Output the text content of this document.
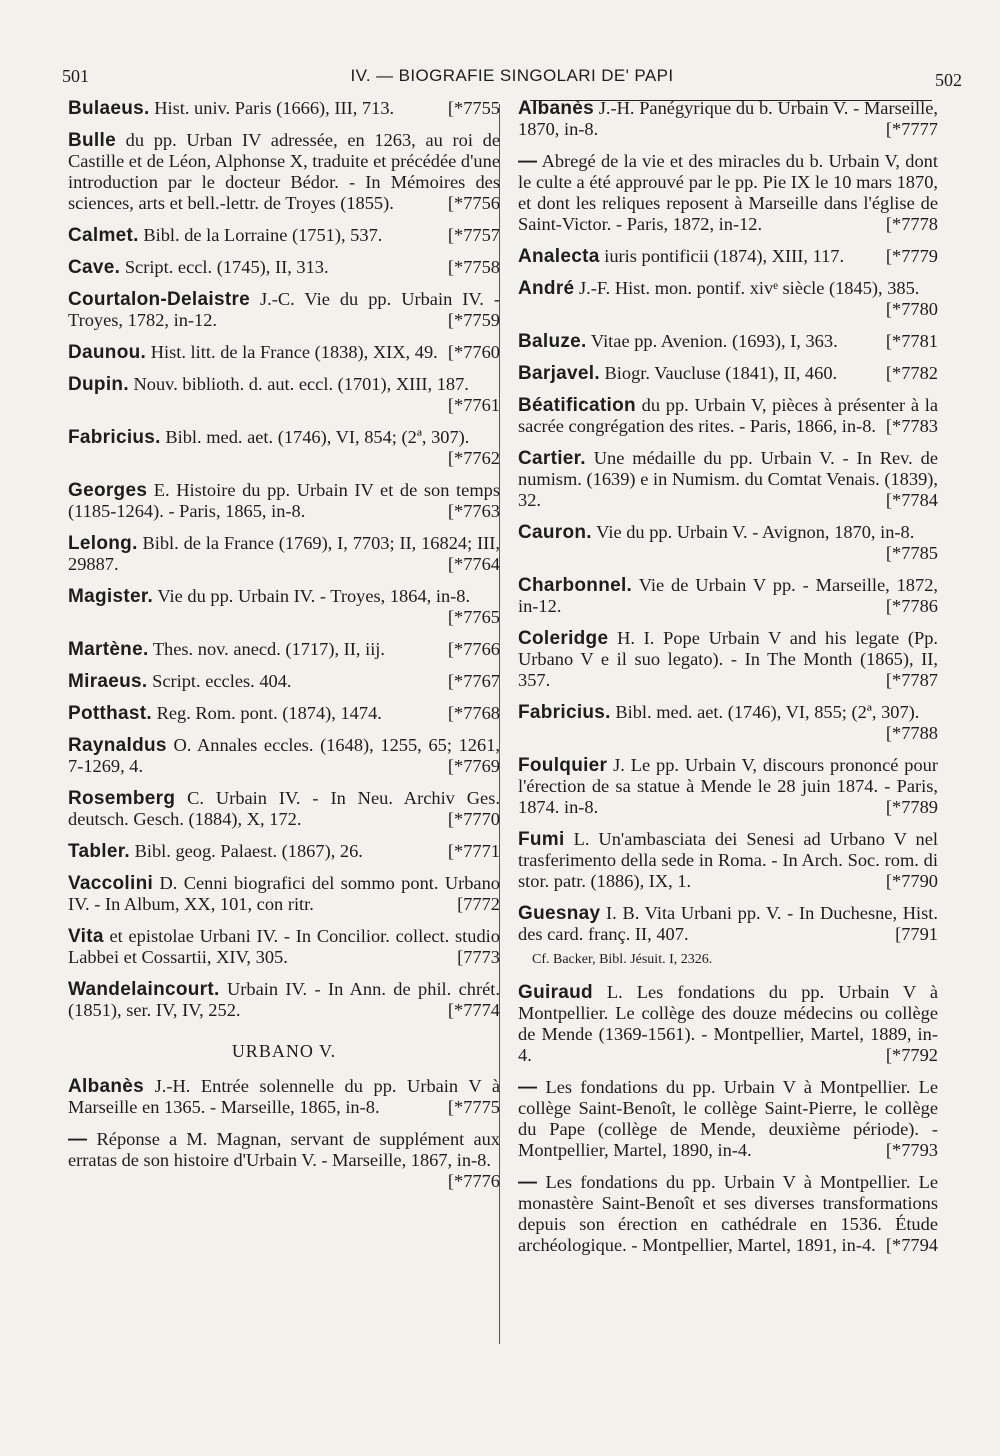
501	IV. — BIOGRAFIE SINGOLARI DE' PAPI	502
Bulaeus. Hist. univ. Paris (1666), III, 713.	[*7755
Bulle du pp. Urban IV adressée, en 1263, au roi de Castille et de Léon, Alphonse X, traduite et précédée d'une introduction par le docteur Bédor. - In Mémoires des sciences, arts et bell.-lettr. de Troyes (1855).	[*7756
Calmet. Bibl. de la Lorraine (1751), 537.	[*7757
Cave. Script. eccl. (1745), II, 313.	[*7758
Courtalon-Delaistre J.-C. Vie du pp. Urbain IV. - Troyes, 1782, in-12.	[*7759
Daunou. Hist. litt. de la France (1838), XIX, 49. [*7760
Dupin. Nouv. biblioth. d. aut. eccl. (1701), XIII, 187.
[*7761
Fabricius. Bibl. med. aet. (1746), VI, 854; (2ª, 307).
[*7762
Georges E. Histoire du pp. Urbain IV et de son temps (1185-1264). - Paris, 1865, in-8.	[*7763
Lelong. Bibl. de la France (1769), I, 7703; II, 16824; III, 29887.	[*7764
Magister. Vie du pp. Urbain IV. - Troyes, 1864, in-8.
[*7765
Martène. Thes. nov. anecd. (1717), II, iij.	[*7766
Miraeus. Script. eccles. 404.	[*7767
Potthast. Reg. Rom. pont. (1874), 1474.	[*7768
Raynaldus O. Annales eccles. (1648), 1255, 65; 1261, 7-1269, 4.	[*7769
Rosemberg C. Urbain IV. - In Neu. Archiv Ges. deutsch. Gesch. (1884), X, 172.	[*7770
Tabler. Bibl. geog. Palaest. (1867), 26.	[*7771
Vaccolini D. Cenni biografici del sommo pont. Urbano IV. - In Album, XX, 101, con ritr.	[7772
Vita et epistolae Urbani IV. - In Concilior. collect. studio Labbei et Cossartii, XIV, 305.	[7773
Wandelaincourt. Urbain IV. - In Ann. de phil. chrét. (1851), ser. IV, IV, 252.	[*7774
URBANO V.
Albanès J.-H. Entrée solennelle du pp. Urbain V à Marseille en 1365. - Marseille, 1865, in-8.	[*7775
— Réponse a M. Magnan, servant de supplément aux erratas de son histoire d'Urbain V. - Marseille, 1867, in-8.
[*7776
Albanès J.-H. Panégyrique du b. Urbain V. - Marseille, 1870, in-8.	[*7777
— Abregé de la vie et des miracles du b. Urbain V, dont le culte a été approuvé par le pp. Pie IX le 10 mars 1870, et dont les reliques reposent à Marseille dans l'église de Saint-Victor. - Paris, 1872, in-12.	[*7778
Analecta iuris pontificii (1874), XIII, 117. [*7779
André J.-F. Hist. mon. pontif. xivᵉ siècle (1845), 385.
[*7780
Baluze. Vitae pp. Avenion. (1693), I, 363.	[*7781
Barjavel. Biogr. Vaucluse (1841), II, 460.	[*7782
Béatification du pp. Urbain V, pièces à présenter à la sacrée congrégation des rites. - Paris, 1866, in-8. [*7783
Cartier. Une médaille du pp. Urbain V. - In Rev. de numism. (1639) e in Numism. du Comtat Venais. (1839), 32.	[*7784
Cauron. Vie du pp. Urbain V. - Avignon, 1870, in-8.
[*7785
Charbonnel. Vie de Urbain V pp. - Marseille, 1872, in-12.	[*7786
Coleridge H. I. Pope Urbain V and his legate (Pp. Urbano V e il suo legato). - In The Month (1865), II, 357.	[*7787
Fabricius. Bibl. med. aet. (1746), VI, 855; (2ª, 307).
[*7788
Foulquier J. Le pp. Urbain V, discours prononcé pour l'érection de sa statue à Mende le 28 juin 1874. - Paris, 1874. in-8.	[*7789
Fumi L. Un'ambasciata dei Senesi ad Urbano V nel trasferimento della sede in Roma. - In Arch. Soc. rom. di stor. patr. (1886), IX, 1.	[*7790
Guesnay I. B. Vita Urbani pp. V. - In Duchesne, Hist. des card. franç. II, 407.	[7791
Cf. Backer, Bibl. Jésuit. I, 2326.
Guiraud L. Les fondations du pp. Urbain V à Montpellier. Le collège des douze médecins ou collège de Mende (1369-1561). - Montpellier, Martel, 1889, in-4.	[*7792
— Les fondations du pp. Urbain V à Montpellier. Le collège Saint-Benoît, le collège Saint-Pierre, le collège du Pape (collège de Mende, deuxième période). - Montpellier, Martel, 1890, in-4.	[*7793
— Les fondations du pp. Urbain V à Montpellier. Le monastère Saint-Benoît et ses diverses transformations depuis son érection en cathédrale en 1536. Étude archéologique. - Montpellier, Martel, 1891, in-4. [*7794
